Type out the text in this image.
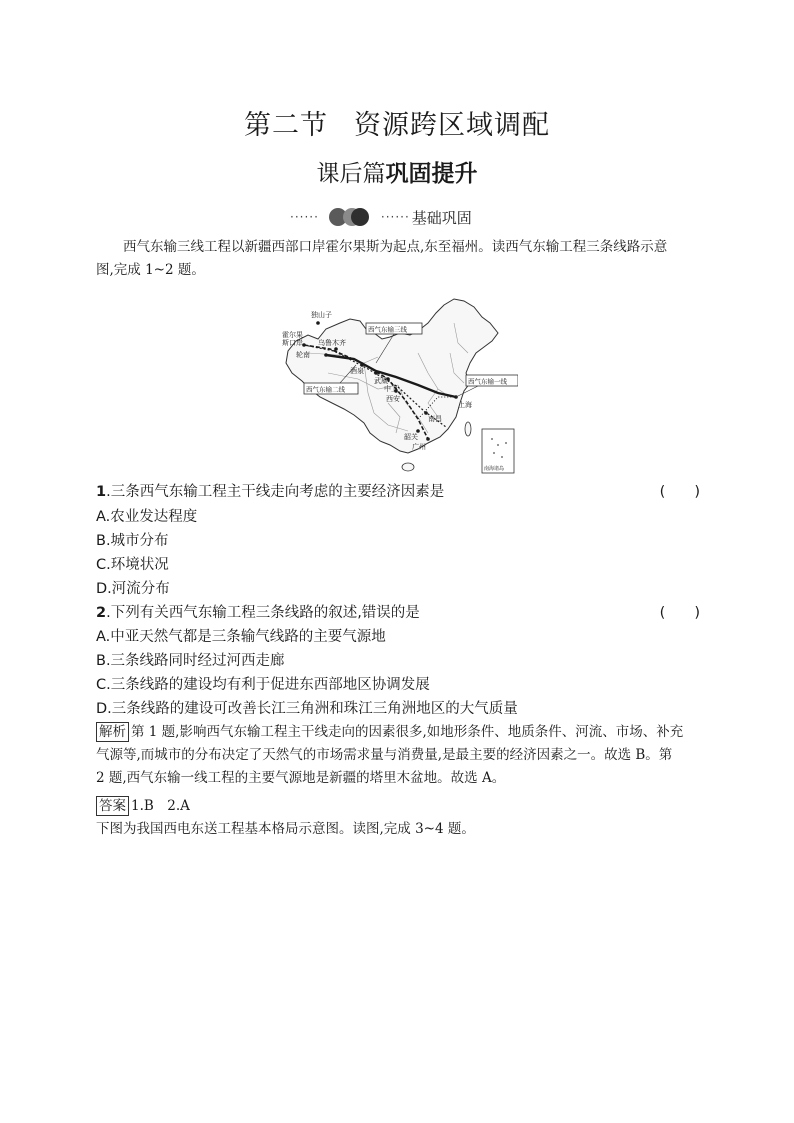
第二节 资源跨区域调配
课后篇巩固提升
······	······ 基础巩固
西气东输三线工程以新疆西部口岸霍尔果斯为起点,东至福州。读西气东输工程三条线路示意
图,完成 1~2 题。
独山子
霍尔果
斯口岸 乌鲁木齐
轮南
西气东输三线
西气东输二线
西气东输一线
酒泉
武威
中卫
西安
上海
南昌
韶关
广州
南海诸岛
1.三条西气东输工程主干线走向考虑的主要经济因素是	(　　)
A.农业发达程度
B.城市分布
C.环境状况
D.河流分布
2.下列有关西气东输工程三条线路的叙述,错误的是	(　　)
A.中亚天然气都是三条输气线路的主要气源地
B.三条线路同时经过河西走廊
C.三条线路的建设均有利于促进东西部地区协调发展
D.三条线路的建设可改善长江三角洲和珠江三角洲地区的大气质量
解析 第 1 题,影响西气东输工程主干线走向的因素很多,如地形条件、地质条件、河流、市场、补充
气源等,而城市的分布决定了天然气的市场需求量与消费量,是最主要的经济因素之一。故选 B。第
2 题,西气东输一线工程的主要气源地是新疆的塔里木盆地。故选 A。
答案 1.B　2.A
下图为我国西电东送工程基本格局示意图。读图,完成 3~4 题。
